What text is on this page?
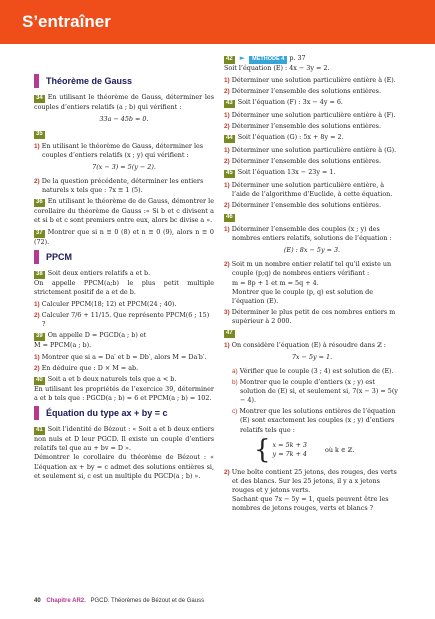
S’entraîner
Théorème de Gauss

34 En utilisant le théorème de Gauss, déterminer les couples d’entiers relatifs (a ; b) qui vérifient :

33a − 45b = 0.

35

1) En utilisant le théorème de Gauss, déterminer les couples d’entiers relatifs (x ; y) qui vérifient :
7(x − 3) = 5(y − 2).
2) De la question précédente, déterminer les entiers naturels x tels que : 7x ≡ 1 (5).

36 En utilisant le théorème de de Gauss, démontrer le corollaire du théorème de Gauss :« Si b et c divisent a et si b et c sont premiers entre eux, alors bc divise a ».

37 Montrer que si n ≡ 0 (8) et n ≡ 0 (9), alors n ≡ 0 (72).

PPCM

38 Soit deux entiers relatifs a et b.
On appelle PPCM(a;b) le plus petit multiple strictement positif de a et de b.

1) Calculer PPCM(18; 12) et PPCM(24 ; 40).
2) Calculer 7/6 + 11/15. Que représente PPCM(6 ; 15) ?

39 On appelle D = PGCD(a ; b) et
M = PPCM(a ; b).

1) Montrer que si a = Da′ et b = Db′, alors M = Da′b′.
2) En déduire que : D × M = ab.

40 Soit a et b deux naturels tels que a < b.
En utilisant les propriétés de l’exercice 39, déterminer a et b tels que : PGCD(a ; b) = 6 et PPCM(a ; b) = 102.

Équation du type ax + by = c

41 Soit l’identité de Bézout : « Soit a et b deux entiers non nuls et D leur PGCD. Il existe un couple d’entiers relatifs tel que au + bv = D ».
Démontrer le corollaire du théorème de Bézout : « L’équation ax + by = c admet des solutions entières si, et seulement si, c est un multiple du PGCD(a ; b) ».

42 ► MÉTHODE 4 p. 37
Soit l’équation (E) : 4x − 3y = 2.

1) Déterminer une solution particulière entière à (E).
2) Déterminer l’ensemble des solutions entières.

43 Soit l’équation (F) : 3x − 4y = 6.

1) Déterminer une solution particulière entière à (F).
2) Déterminer l’ensemble des solutions entières.

44 Soit l’équation (G) : 5x + 8y = 2.

1) Déterminer une solution particulière entière à (G).
2) Déterminer l’ensemble des solutions entières.

45 Soit l’équation 13x − 23y = 1.

1) Déterminer une solution particulière entière, à l’aide de l’algorithme d’Euclide, à cette équation.
2) Déterminer l’ensemble des solutions entières.

46

1) Déterminer l’ensemble des couples (x ; y) des nombres entiers relatifs, solutions de l’équation :
(E) : 8x − 5y = 3.
2) Soit m un nombre entier relatif tel qu’il existe un couple (p;q) de nombres entiers vérifiant :
m = 8p + 1 et m = 5q + 4.
Montrer que le couple (p, q) est solution de l’équation (E).
3) Déterminer le plus petit de ces nombres entiers m supérieur à 2 000.

47

1) On considère l’équation (E) à résoudre dans ℤ :
7x − 5y = 1.
a) Vérifier que le couple (3 ; 4) est solution de (E).
b) Montrer que le couple d’entiers (x ; y) est solution de (E) si, et seulement si, 7(x − 3) = 5(y − 4).
c) Montrer que les solutions entières de l’équation (E) sont exactement les couples (x ; y) d’entiers relatifs tels que :
{ x = 5k + 3
y = 7k + 4
où k ∈ ℤ.
2) Une boîte contient 25 jetons, des rouges, des verts et des blancs. Sur les 25 jetons, il y a x jetons rouges et y jetons verts.
Sachant que 7x − 5y = 1, quels peuvent être les nombres de jetons rouges, verts et blancs ?
40 Chapitre AR2. PGCD. Théorèmes de Bézout et de Gauss
